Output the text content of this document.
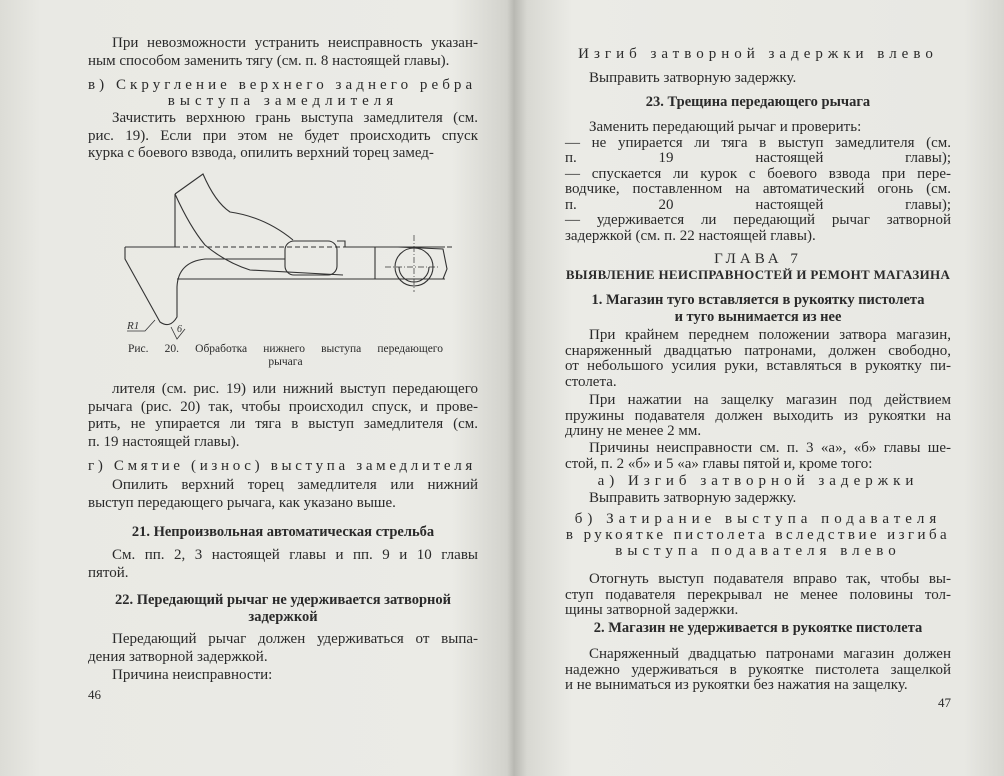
При невозможности устранить неисправность указан-
ным способом заменить тягу (см. п. 8 настоящей главы).
в) Скругление верхнего заднего ребра
выступа замедлителя
Зачистить верхнюю грань выступа замедлителя (см.
рис. 19). Если при этом не будет происходить спуск
курка с боевого взвода, опилить верхний торец замед-
Рис. 20. Обработка нижнего выступа передающего
рычага
лителя (см. рис. 19) или нижний выступ передающего
рычага (рис. 20) так, чтобы происходил спуск, и прове-
рить, не упирается ли тяга в выступ замедлителя (см.
п. 19 настоящей главы).
г) Смятие (износ) выступа замедлителя
Опилить верхний торец замедлителя или нижний
выступ передающего рычага, как указано выше.
21. Непроизвольная автоматическая стрельба
См. пп. 2, 3 настоящей главы и пп. 9 и 10 главы
пятой.
22. Передающий рычаг не удерживается затворной
задержкой
Передающий рычаг должен удерживаться от выпа-
дения затворной задержкой.
Причина неисправности:
Изгиб затворной задержки влево
Выправить затворную задержку.
23. Трещина передающего рычага
Заменить передающий рычаг и проверить:
— не упирается ли тяга в выступ замедлителя (см.
п. 19 настоящей главы);
— спускается ли курок с боевого взвода при пере-
водчике, поставленном на автоматический огонь (см.
п. 20 настоящей главы);
— удерживается ли передающий рычаг затворной
задержкой (см. п. 22 настоящей главы).
ГЛАВА 7
ВЫЯВЛЕНИЕ НЕИСПРАВНОСТЕЙ И РЕМОНТ МАГАЗИНА
1. Магазин туго вставляется в рукоятку пистолета
и туго вынимается из нее
При крайнем переднем положении затвора магазин,
снаряженный двадцатью патронами, должен свободно,
от небольшого усилия руки, вставляться в рукоятку пи-
столета.
При нажатии на защелку магазин под действием
пружины подавателя должен выходить из рукоятки на
длину не менее 2 мм.
Причины неисправности см. п. 3 «а», «б» главы ше-
стой, п. 2 «б» и 5 «а» главы пятой и, кроме того:
а) Изгиб затворной задержки
Выправить затворную задержку.
б) Затирание выступа подавателя
в рукоятке пистолета вследствие изгиба
выступа подавателя влево
Отогнуть выступ подавателя вправо так, чтобы вы-
ступ подавателя перекрывал не менее половины тол-
щины затворной задержки.
2. Магазин не удерживается в рукоятке пистолета
Снаряженный двадцатью патронами магазин должен
надежно удерживаться в рукоятке пистолета защелкой
и не выниматься из рукоятки без нажатия на защелку.
R1	6
46
47
